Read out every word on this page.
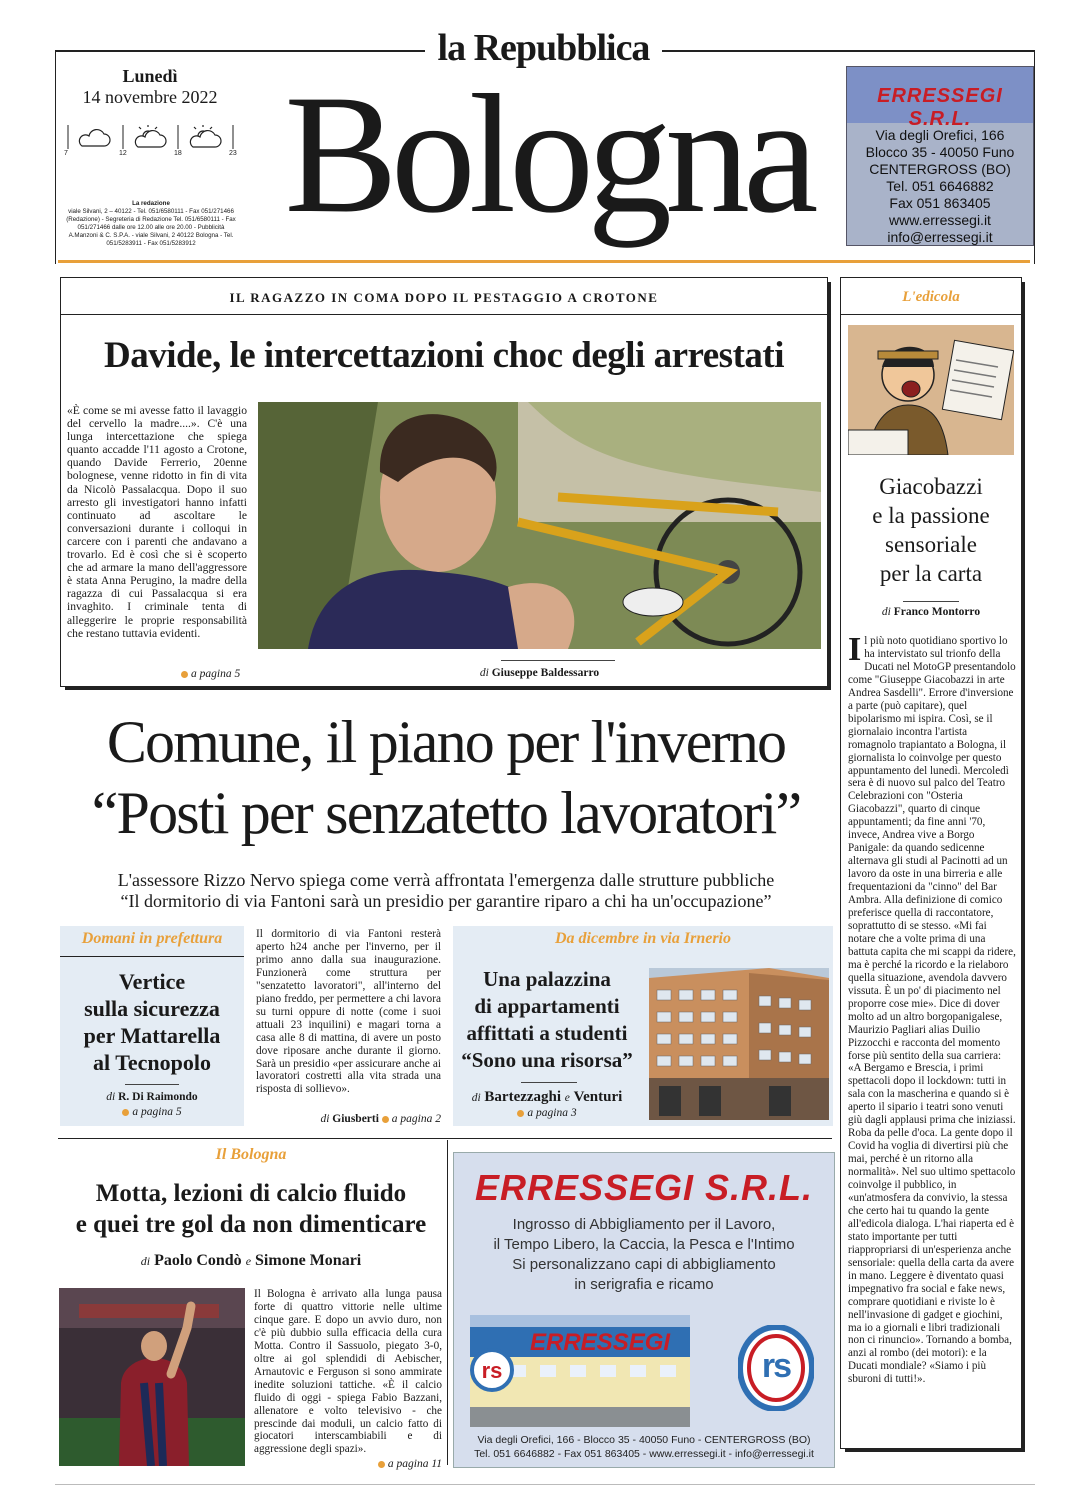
la Repubblica
Lunedì
14 novembre 2022
7	12	18	23
La redazione
viale Silvani, 2 – 40122 - Tel. 051/6580111 - Fax 051/271466 (Redazione) - Segreteria di Redazione Tel. 051/6580111 - Fax 051/271466 dalle ore 12.00 alle ore 20.00 - Pubblicità A.Manzoni & C. S.P.A. - viale Silvani, 2 40122 Bologna - Tel. 051/5283911 - Fax 051/5283912 Bologna	ERRESSEGI S.R.L.
Via degli Orefici, 166
Blocco 35 - 40050 Funo
CENTERGROSS (BO)
Tel. 051 6646882
Fax 051 863405
www.erressegi.it
info@erressegi.it
IL RAGAZZO IN COMA DOPO IL PESTAGGIO A CROTONE
Davide, le intercettazioni choc degli arrestati
«È come se mi avesse fatto il lavaggio del cervello la madre....». C'è una lunga intercettazione che spiega quanto accadde l'11 agosto a Crotone, quando Davide Ferrerio, 20enne bolognese, venne ridotto in fin di vita da Nicolò Passalacqua. Dopo il suo arresto gli investigatori hanno infatti continuato ad ascoltare le conversazioni durante i colloqui in carcere con i parenti che andavano a trovarlo. Ed è così che si è scoperto che ad armare la mano dell'aggressore è stata Anna Perugino, la madre della ragazza di cui Passalacqua si era invaghito. I criminale tenta di alleggerire le proprie responsabilità che restano tuttavia evidenti.
a pagina 5	di Giuseppe Baldessarro
L'edicola
Giacobazzi
e la passione
sensoriale
per la carta
di Franco Montorro
Il più noto quotidiano sportivo lo ha intervistato sul trionfo della Ducati nel MotoGP presentandolo come "Giuseppe Giacobazzi in arte Andrea Sasdelli". Errore d'inversione a parte (può capitare), quel bipolarismo mi ispira. Così, se il giornalaio incontra l'artista romagnolo trapiantato a Bologna, il giornalista lo coinvolge per questo appuntamento del lunedì. Mercoledì sera è di nuovo sul palco del Teatro Celebrazioni con "Osteria Giacobazzi", quarto di cinque appuntamenti; da fine anni '70, invece, Andrea vive a Borgo Panigale: da quando sedicenne alternava gli studi al Pacinotti ad un lavoro da oste in una birreria e alle frequentazioni da "cinno" del Bar Ambra. Alla definizione di comico preferisce quella di raccontatore, soprattutto di se stesso. «Mi fai notare che a volte prima di una battuta capita che mi scappi da ridere, ma è perché la ricordo e la rielaboro quella situazione, avendola davvero vissuta. È un po' di piacimento nel proporre cose mie». Dice di dover molto ad un altro borgopanigalese, Maurizio Pagliari alias Duilio Pizzocchi e racconta del momento forse più sentito della sua carriera: «A Bergamo e Brescia, i primi spettacoli dopo il lockdown: tutti in sala con la mascherina e quando si è aperto il sipario i teatri sono venuti giù dagli applausi prima che iniziassi. Roba da pelle d'oca. La gente dopo il Covid ha voglia di divertirsi più che mai, perché è un ritorno alla normalità». Nel suo ultimo spettacolo coinvolge il pubblico, in «un'atmosfera da convivio, la stessa che certo hai tu quando la gente all'edicola dialoga. L'hai riaperta ed è stato importante per tutti riappropriarsi di un'esperienza anche sensoriale: quella della carta da avere in mano. Leggere è diventato quasi impegnativo fra social e fake news, comprare quotidiani e riviste lo è nell'invasione di gadget e giochini, ma io a giornali e libri tradizionali non ci rinuncio». Tornando a bomba, anzi al rombo (dei motori): e la Ducati mondiale? «Siamo i più sburoni di tutti!».
Comune, il piano per l'inverno
“Posti per senzatetto lavoratori”
L'assessore Rizzo Nervo spiega come verrà affrontata l'emergenza dalle strutture pubbliche
“Il dormitorio di via Fantoni sarà un presidio per garantire riparo a chi ha un'occupazione”
Domani in prefettura
Vertice
sulla sicurezza
per Mattarella
al Tecnopolo
di R. Di Raimondo
a pagina 5
Il dormitorio di via Fantoni resterà aperto h24 anche per l'inverno, per il primo anno dalla sua inaugurazione. Funzionerà come struttura per "senzatetto lavoratori", all'interno del piano freddo, per permettere a chi lavora su turni oppure di notte (come i suoi attuali 23 inquilini) e magari torna a casa alle 8 di mattina, di avere un posto dove riposare anche durante il giorno. Sarà un presidio «per assicurare anche ai lavoratori costretti alla vita strada una risposta di sollievo».
di Giusberti a pagina 2
Da dicembre in via Irnerio
Una palazzina
di appartamenti
affittati a studenti
“Sono una risorsa”
di Bartezzaghi e Venturi
a pagina 3
Il Bologna
Motta, lezioni di calcio fluido
e quei tre gol da non dimenticare
di Paolo Condò e Simone Monari
Il Bologna è arrivato alla lunga pausa forte di quattro vittorie nelle ultime cinque gare. E dopo un avvio duro, non c'è più dubbio sulla efficacia della cura Motta. Contro il Sassuolo, piegato 3-0, oltre ai gol splendidi di Aebischer, Arnautovic e Ferguson si sono ammirate inedite soluzioni tattiche. «È il calcio fluido di oggi - spiega Fabio Bazzani, allenatore e volto televisivo - che prescinde dai moduli, un calcio fatto di giocatori interscambiabili e di aggressione degli spazi».
a pagina 11
ERRESSEGI S.R.L.
Ingrosso di Abbigliamento per il Lavoro,
il Tempo Libero, la Caccia, la Pesca e l'Intimo
Si personalizzano capi di abbigliamento
in serigrafia e ricamo
rs
ERRESSEGI
rs
Via degli Orefici, 166 - Blocco 35 - 40050 Funo - CENTERGROSS (BO)
Tel. 051 6646882 - Fax 051 863405 - www.erressegi.it - info@erressegi.it
